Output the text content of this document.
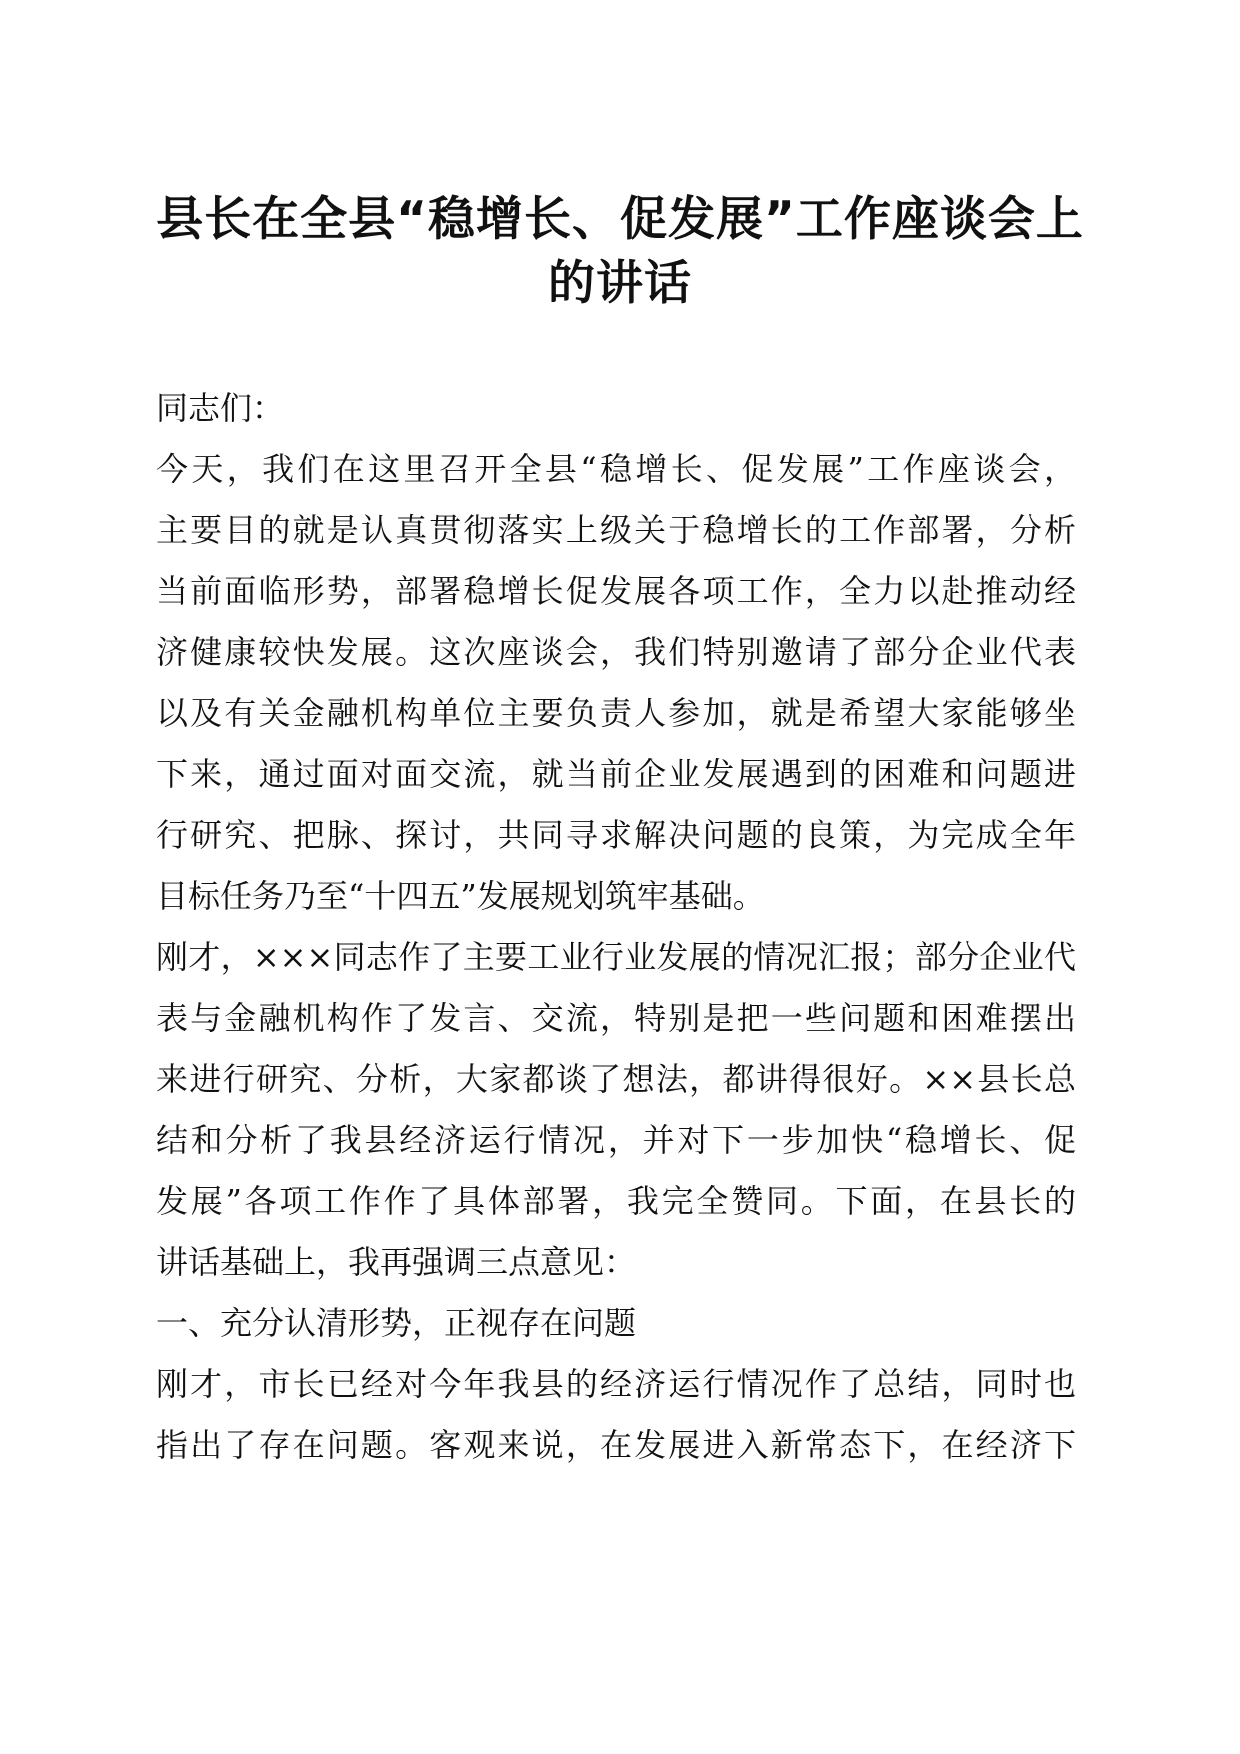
县长在全县“稳增长、促发展”工作座谈会上
的讲话
同志们：
今天，我们在这里召开全县“稳增长、促发展”工作座谈会，
主要目的就是认真贯彻落实上级关于稳增长的工作部署，分析
当前面临形势，部署稳增长促发展各项工作，全力以赴推动经
济健康较快发展。这次座谈会，我们特别邀请了部分企业代表
以及有关金融机构单位主要负责人参加，就是希望大家能够坐
下来，通过面对面交流，就当前企业发展遇到的困难和问题进
行研究、把脉、探讨，共同寻求解决问题的良策，为完成全年
目标任务乃至“十四五”发展规划筑牢基础。
刚才，×××同志作了主要工业行业发展的情况汇报；部分企业代
表与金融机构作了发言、交流，特别是把一些问题和困难摆出
来进行研究、分析，大家都谈了想法，都讲得很好。××县长总
结和分析了我县经济运行情况，并对下一步加快“稳增长、促
发展”各项工作作了具体部署，我完全赞同。下面，在县长的
讲话基础上，我再强调三点意见：
一、充分认清形势，正视存在问题
刚才，市长已经对今年我县的经济运行情况作了总结，同时也
指出了存在问题。客观来说，在发展进入新常态下，在经济下
